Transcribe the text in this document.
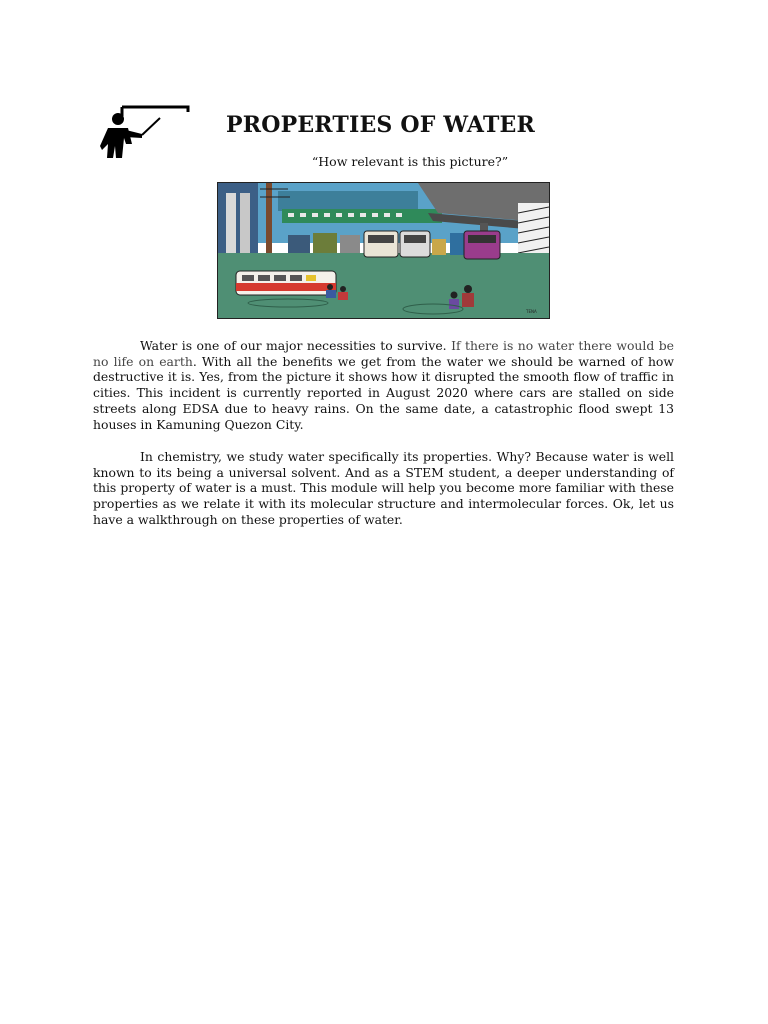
PROPERTIES OF WATER
“How relevant is this picture?”
TENA

Water is one of our major necessities to survive. If there is no water there would be no life on earth. With all the benefits we get from the water we should be warned of how destructive it is. Yes, from the picture it shows how it disrupted the smooth flow of traffic in cities. This incident is currently reported in August 2020 where cars are stalled on side streets along EDSA due to heavy rains. On the same date, a catastrophic flood swept 13 houses in Kamuning Quezon City.

In chemistry, we study water specifically its properties. Why? Because water is well known to its being a universal solvent. And as a STEM student, a deeper understanding of this property of water is a must. This module will help you become more familiar with these properties as we relate it with its molecular structure and intermolecular forces. Ok, let us have a walkthrough on these properties of water.
